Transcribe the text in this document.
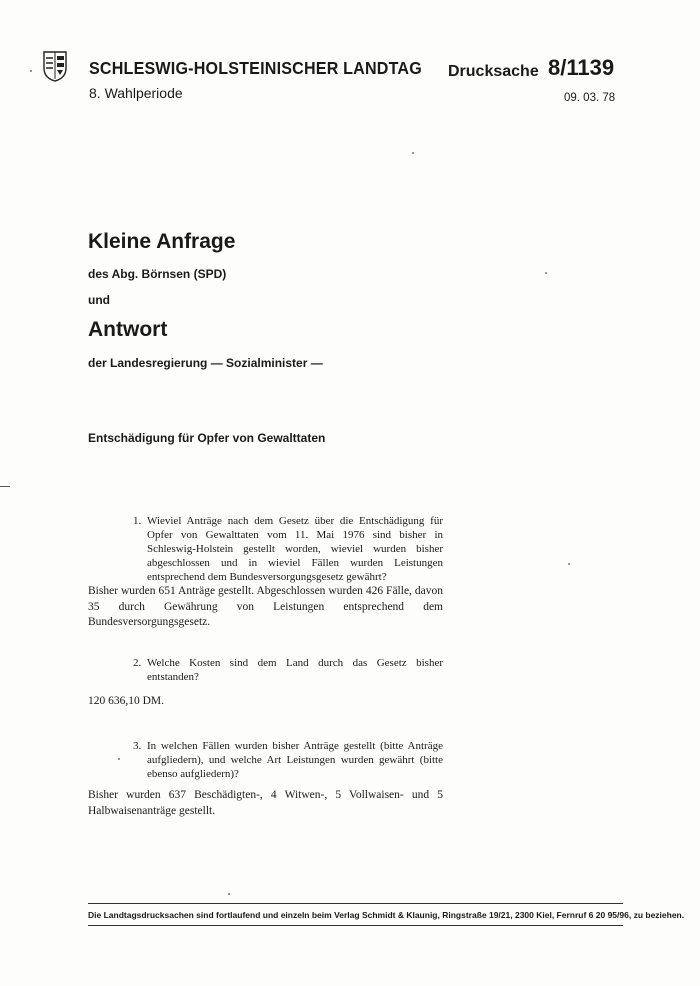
SCHLESWIG-HOLSTEINISCHER LANDTAG
8. Wahlperiode
Drucksache 8/1139
09. 03. 78
Kleine Anfrage
des Abg. Börnsen (SPD)
und
Antwort
der Landesregierung — Sozialminister —
Entschädigung für Opfer von Gewalttaten
1. Wieviel Anträge nach dem Gesetz über die Entschädigung für Opfer von Gewalttaten vom 11. Mai 1976 sind bisher in Schleswig-Holstein gestellt worden, wieviel wurden bisher abgeschlossen und in wieviel Fällen wurden Leistungen entsprechend dem Bundesversorgungsgesetz gewährt?
Bisher wurden 651 Anträge gestellt. Abgeschlossen wurden 426 Fälle, davon 35 durch Gewährung von Leistungen entsprechend dem Bundesversorgungsgesetz.
2. Welche Kosten sind dem Land durch das Gesetz bisher entstanden?
120 636,10 DM.
3. In welchen Fällen wurden bisher Anträge gestellt (bitte Anträge aufgliedern), und welche Art Leistungen wurden gewährt (bitte ebenso aufgliedern)?
Bisher wurden 637 Beschädigten-, 4 Witwen-, 5 Vollwaisen- und 5 Halbwaisenanträge gestellt.
Die Landtagsdrucksachen sind fortlaufend und einzeln beim Verlag Schmidt & Klaunig, Ringstraße 19/21, 2300 Kiel, Fernruf 6 20 95/96, zu beziehen.
